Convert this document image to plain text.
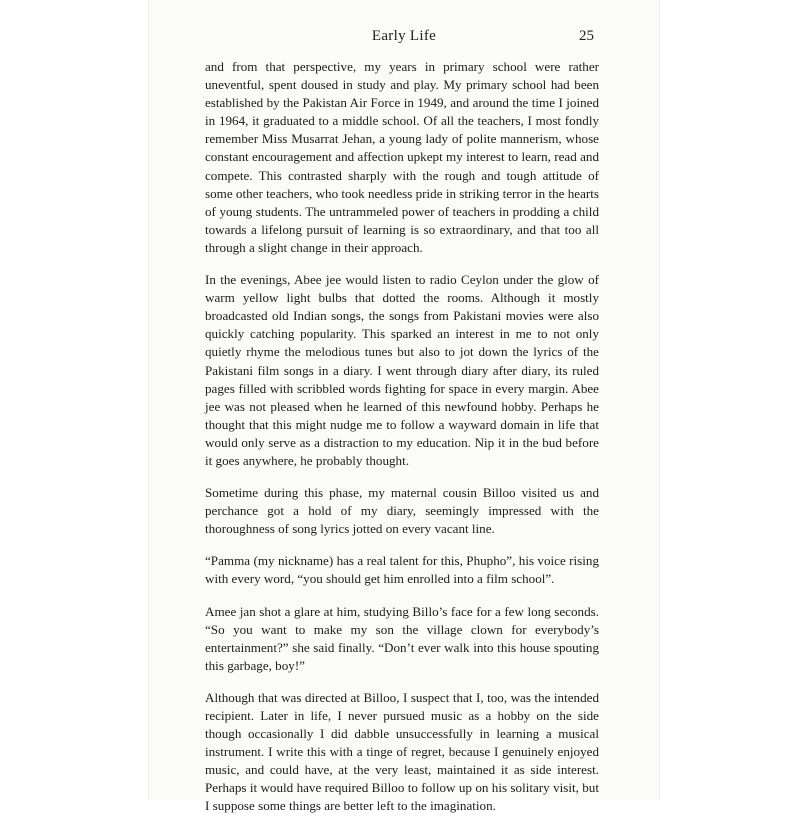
Early Life	25

and from that perspective, my years in primary school were rather uneventful, spent doused in study and play. My primary school had been established by the Pakistan Air Force in 1949, and around the time I joined in 1964, it graduated to a middle school. Of all the teachers, I most fondly remember Miss Musarrat Jehan, a young lady of polite mannerism, whose constant encouragement and affection upkept my interest to learn, read and compete. This contrasted sharply with the rough and tough attitude of some other teachers, who took needless pride in striking terror in the hearts of young students. The untrammeled power of teachers in prodding a child towards a lifelong pursuit of learning is so extraordinary, and that too all through a slight change in their approach.

In the evenings, Abee jee would listen to radio Ceylon under the glow of warm yellow light bulbs that dotted the rooms. Although it mostly broadcasted old Indian songs, the songs from Pakistani movies were also quickly catching popularity. This sparked an interest in me to not only quietly rhyme the melodious tunes but also to jot down the lyrics of the Pakistani film songs in a diary. I went through diary after diary, its ruled pages filled with scribbled words fighting for space in every margin. Abee jee was not pleased when he learned of this newfound hobby. Perhaps he thought that this might nudge me to follow a wayward domain in life that would only serve as a distraction to my education. Nip it in the bud before it goes anywhere, he probably thought.

Sometime during this phase, my maternal cousin Billoo visited us and perchance got a hold of my diary, seemingly impressed with the thoroughness of song lyrics jotted on every vacant line.

“Pamma (my nickname) has a real talent for this, Phupho”, his voice rising with every word, “you should get him enrolled into a film school”.

Amee jan shot a glare at him, studying Billo’s face for a few long seconds. “So you want to make my son the village clown for everybody’s entertainment?” she said finally. “Don’t ever walk into this house spouting this garbage, boy!”

Although that was directed at Billoo, I suspect that I, too, was the intended recipient. Later in life, I never pursued music as a hobby on the side though occasionally I did dabble unsuccessfully in learning a musical instrument. I write this with a tinge of regret, because I genuinely enjoyed music, and could have, at the very least, maintained it as side interest. Perhaps it would have required Billoo to follow up on his solitary visit, but I suppose some things are better left to the imagination.
